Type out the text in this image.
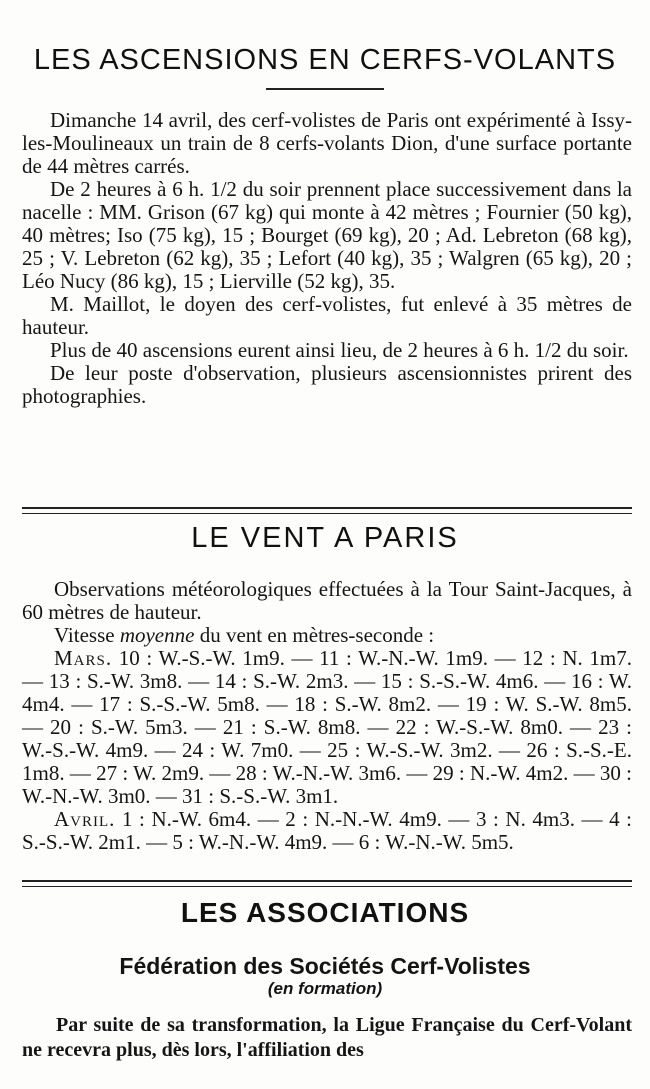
LES ASCENSIONS EN CERFS-VOLANTS

Dimanche 14 avril, des cerf-volistes de Paris ont expérimenté à Issy-les-Moulineaux un train de 8 cerfs-volants Dion, d'une surface portante de 44 mètres carrés.

De 2 heures à 6 h. 1/2 du soir prennent place successivement dans la nacelle : MM. Grison (67 kg) qui monte à 42 mètres ; Fournier (50 kg), 40 mètres; Iso (75 kg), 15 ; Bourget (69 kg), 20 ; Ad. Lebreton (68 kg), 25 ; V. Lebreton (62 kg), 35 ; Lefort (40 kg), 35 ; Walgren (65 kg), 20 ; Léo Nucy (86 kg), 15 ; Lierville (52 kg), 35.

M. Maillot, le doyen des cerf-volistes, fut enlevé à 35 mètres de hauteur.

Plus de 40 ascensions eurent ainsi lieu, de 2 heures à 6 h. 1/2 du soir.

De leur poste d'observation, plusieurs ascensionnistes prirent des photographies.

LE VENT A PARIS

Observations météorologiques effectuées à la Tour Saint-Jacques, à 60 mètres de hauteur.

Vitesse moyenne du vent en mètres-seconde :

Mars. 10 : W.-S.-W. 1m9. — 11 : W.-N.-W. 1m9. — 12 : N. 1m7. — 13 : S.-W. 3m8. — 14 : S.-W. 2m3. — 15 : S.-S.-W. 4m6. — 16 : W. 4m4. — 17 : S.-S.-W. 5m8. — 18 : S.-W. 8m2. — 19 : W. S.-W. 8m5. — 20 : S.-W. 5m3. — 21 : S.-W. 8m8. — 22 : W.-S.-W. 8m0. — 23 : W.-S.-W. 4m9. — 24 : W. 7m0. — 25 : W.-S.-W. 3m2. — 26 : S.-S.-E. 1m8. — 27 : W. 2m9. — 28 : W.-N.-W. 3m6. — 29 : N.-W. 4m2. — 30 : W.-N.-W. 3m0. — 31 : S.-S.-W. 3m1.

Avril. 1 : N.-W. 6m4. — 2 : N.-N.-W. 4m9. — 3 : N. 4m3. — 4 : S.-S.-W. 2m1. — 5 : W.-N.-W. 4m9. — 6 : W.-N.-W. 5m5.

LES ASSOCIATIONS
Fédération des Sociétés Cerf-Volistes
(en formation)

Par suite de sa transformation, la Ligue Française du Cerf-Volant ne recevra plus, dès lors, l'affiliation des
